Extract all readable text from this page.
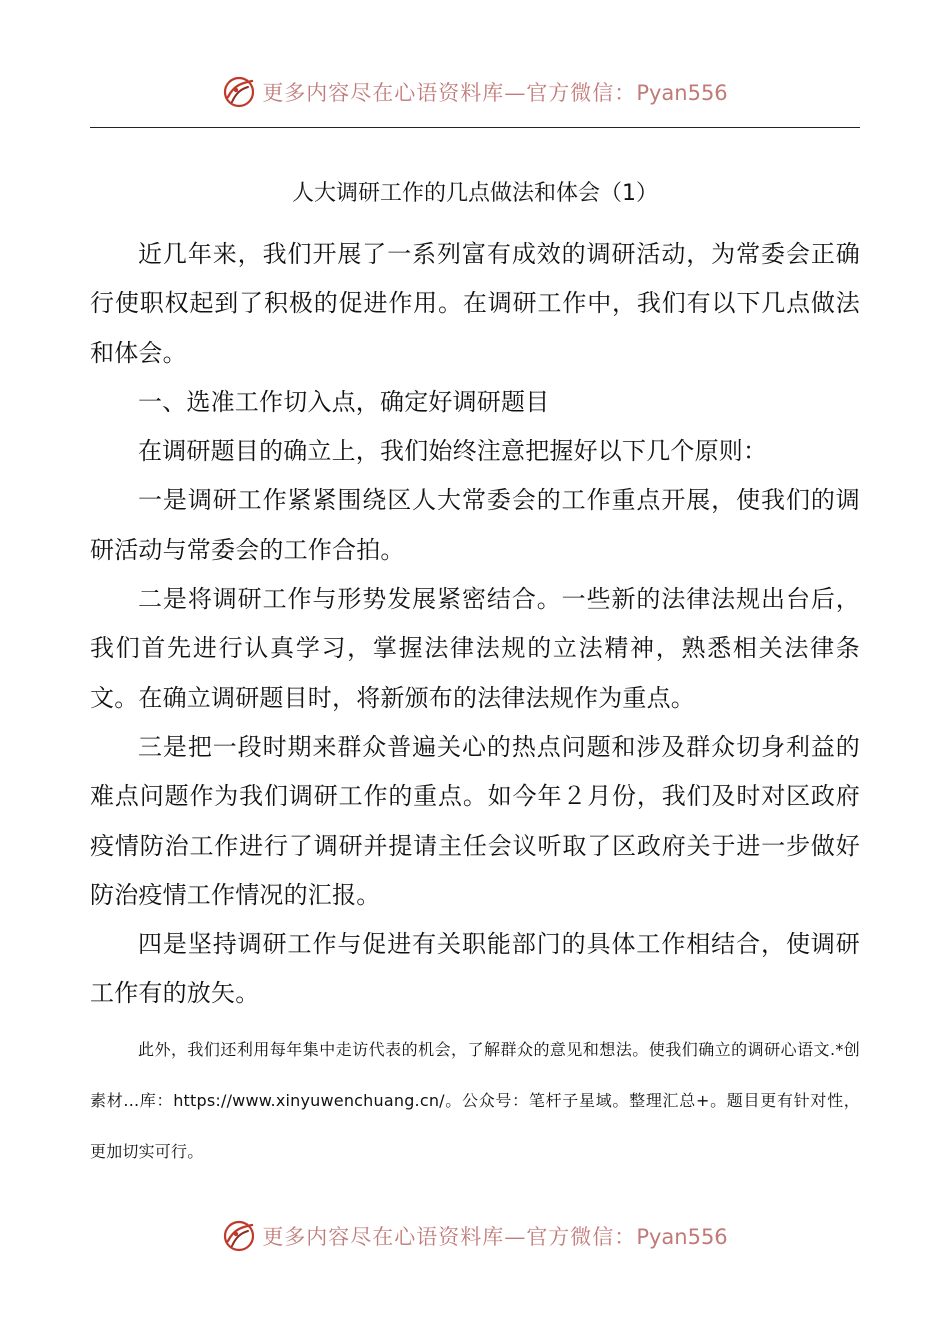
更多内容尽在心语资料库—官方微信：Pyan556
人大调研工作的几点做法和体会（1）

近几年来，我们开展了一系列富有成效的调研活动，为常委会正确行使职权起到了积极的促进作用。在调研工作中，我们有以下几点做法和体会。

一、选准工作切入点，确定好调研题目

在调研题目的确立上，我们始终注意把握好以下几个原则：

一是调研工作紧紧围绕区人大常委会的工作重点开展，使我们的调研活动与常委会的工作合拍。

二是将调研工作与形势发展紧密结合。一些新的法律法规出台后，我们首先进行认真学习，掌握法律法规的立法精神，熟悉相关法律条文。在确立调研题目时，将新颁布的法律法规作为重点。

三是把一段时期来群众普遍关心的热点问题和涉及群众切身利益的难点问题作为我们调研工作的重点。如今年２月份，我们及时对区政府疫情防治工作进行了调研并提请主任会议听取了区政府关于进一步做好防治疫情工作情况的汇报。

四是坚持调研工作与促进有关职能部门的具体工作相结合，使调研工作有的放矢。

此外，我们还利用每年集中走访代表的机会，了解群众的意见和想法。使我们确立的调研心语文.*创素材...库：https://www.xinyuwenchuang.cn/。公众号：笔杆子星域。整理汇总+。题目更有针对性，更加切实可行。

更多内容尽在心语资料库—官方微信：Pyan556
